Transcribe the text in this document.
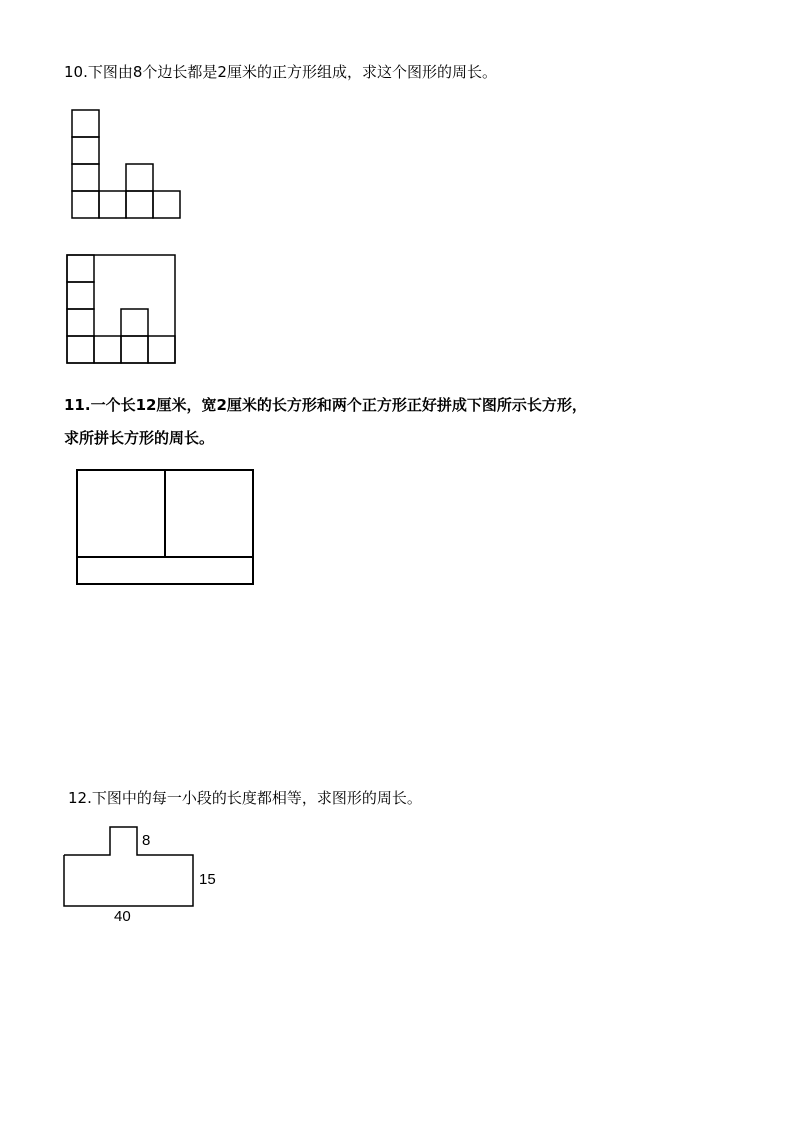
10.下图由8个边长都是2厘米的正方形组成，求这个图形的周长。
11.一个长12厘米，宽2厘米的长方形和两个正方形正好拼成下图所示长方形，
求所拼长方形的周长。
12.下图中的每一小段的长度都相等，求图形的周长。
8
15
40
